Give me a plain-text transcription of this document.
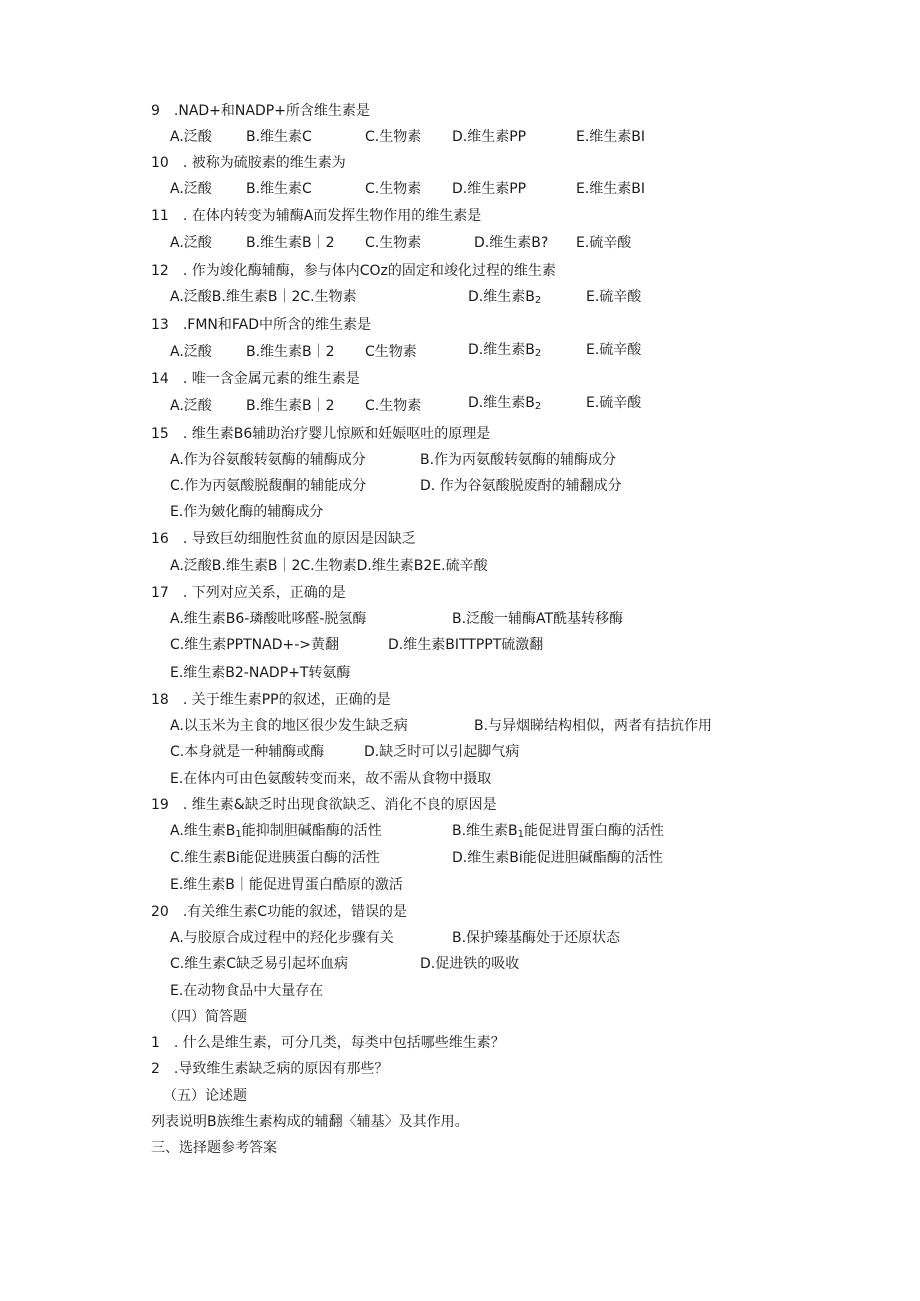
9　.NAD+和NADP+所含维生素是
A.泛酸 B.维生素C	C.生物素 D.维生素PP	E.维生素BI
10　. 被称为硫胺素的维生素为
A.泛酸 B.维生素C	C.生物素 D.维生素PP	E.维生素BI
11　. 在体内转变为辅酶A而发挥生物作用的维生素是
A.泛酸 B.维生素B｜2 C.生物素	D.维生素B? E.硫辛酸
12　. 作为竣化酶辅酶，参与体内COz的固定和竣化过程的维生素
A.泛酸B.维生素B｜2C.生物素	D.维生素$B_2$	E.硫辛酸
13　.FMN和FAD中所含的维生素是
A.泛酸 B.维生素B｜2 C生物素	D.维生素$B_2$	E.硫辛酸
14　. 唯一含金属元素的维生素是
A.泛酸 B.维生素B｜2 C.生物素	D.维生素$B_2$	E.硫辛酸
15　. 维生素B6辅助治疗婴儿惊厥和妊娠呕吐的原理是
A.作为谷氨酸转氨酶的辅酶成分	B.作为丙氨酸转氨酶的辅酶成分
C.作为丙氨酸脱馥酮的辅能成分	D. 作为谷氨酸脱废酎的辅翻成分
E.作为皴化酶的辅酶成分
16　. 导致巨幼细胞性贫血的原因是因缺乏
A.泛酸B.维生素B｜2C.生物素D.维生素B2E.硫辛酸
17　. 下列对应关系，正确的是
A.维生素B6-璘酸吡哆醛-脱氢酶	B.泛酸一辅酶AT酰基转移酶
C.维生素PPTNAD+->黄翻	D.维生素BITTPPT硫激翻
E.维生素B2-NADP+T转氨酶
18　. 关于维生素PP的叙述，正确的是
A.以玉米为主食的地区很少发生缺乏病	B.与异烟睇结构相似，两者有拮抗作用
C.本身就是一种辅酶或酶	D.缺乏时可以引起脚气病
E.在体内可由色氨酸转变而来，故不需从食物中摄取
19　. 维生素&缺乏时出现食欲缺乏、消化不良的原因是
A.维生素$B_1$能抑制胆碱酯酶的活性	B.维生素$B_1$能促进胃蛋白酶的活性
C.维生素Bi能促进胰蛋白酶的活性	D.维生素Bi能促进胆碱酯酶的活性
E.维生素B｜能促进胃蛋白酷原的激活
20　.有关维生素C功能的叙述，错误的是
A.与胶原合成过程中的羟化步骤有关	B.保护臻基酶处于还原状态
C.维生素C缺乏易引起坏血病	D.促进铁的吸收
E.在动物食品中大量存在
（四）简答题
1　. 什么是维生素，可分几类，每类中包括哪些维生素？
2　.导致维生素缺乏病的原因有那些？
（五）论述题
列表说明B族维生素构成的辅翻〈辅基〉及其作用。
三、选择题参考答案
